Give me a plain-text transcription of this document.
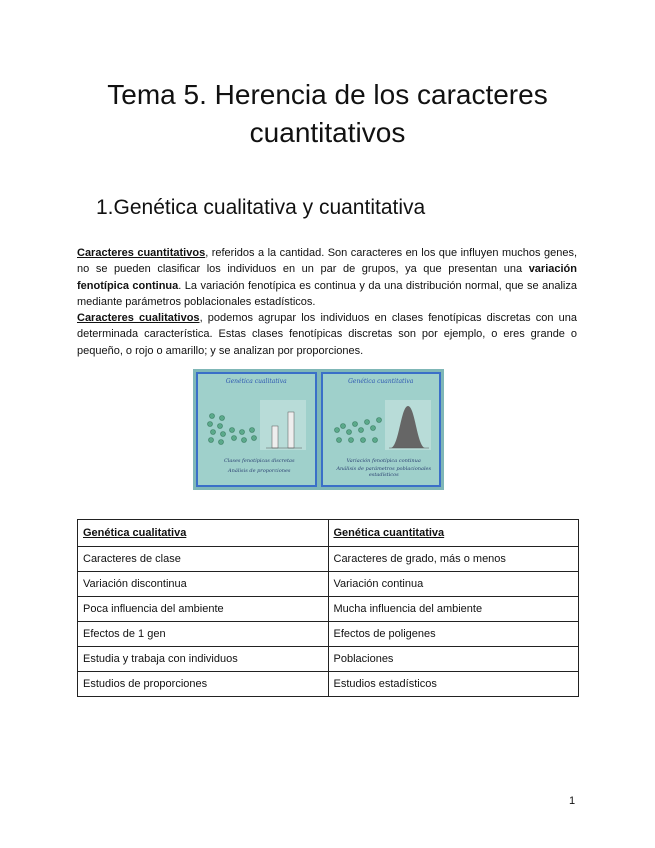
Tema 5. Herencia de los caracteres cuantitativos
1.Genética cualitativa y cuantitativa

Caracteres cuantitativos, referidos a la cantidad. Son caracteres en los que influyen muchos genes, no se pueden clasificar los individuos en un par de grupos, ya que presentan una variación fenotípica continua. La variación fenotípica es continua y da una distribución normal, que se analiza mediante parámetros poblacionales estadísticos.

Caracteres cualitativos, podemos agrupar los individuos en clases fenotípicas discretas con una determinada característica. Estas clases fenotípicas discretas son por ejemplo, o eres grande o pequeño, o rojo o amarillo; y se analizan por proporciones.

Genética cualitativa
Clases fenotípicas discretas
Análisis de proporciones
Genética cuantitativa
Variación fenotípica continua
Análisis de parámetros poblacionales estadísticos
Genética cualitativa	Genética cuantitativa
Caracteres de clase	Caracteres de grado, más o menos
Variación discontinua	Variación continua
Poca influencia del ambiente	Mucha influencia del ambiente
Efectos de 1 gen	Efectos de poligenes
Estudia y trabaja con individuos	Poblaciones
Estudios de proporciones	Estudios estadísticos
1
